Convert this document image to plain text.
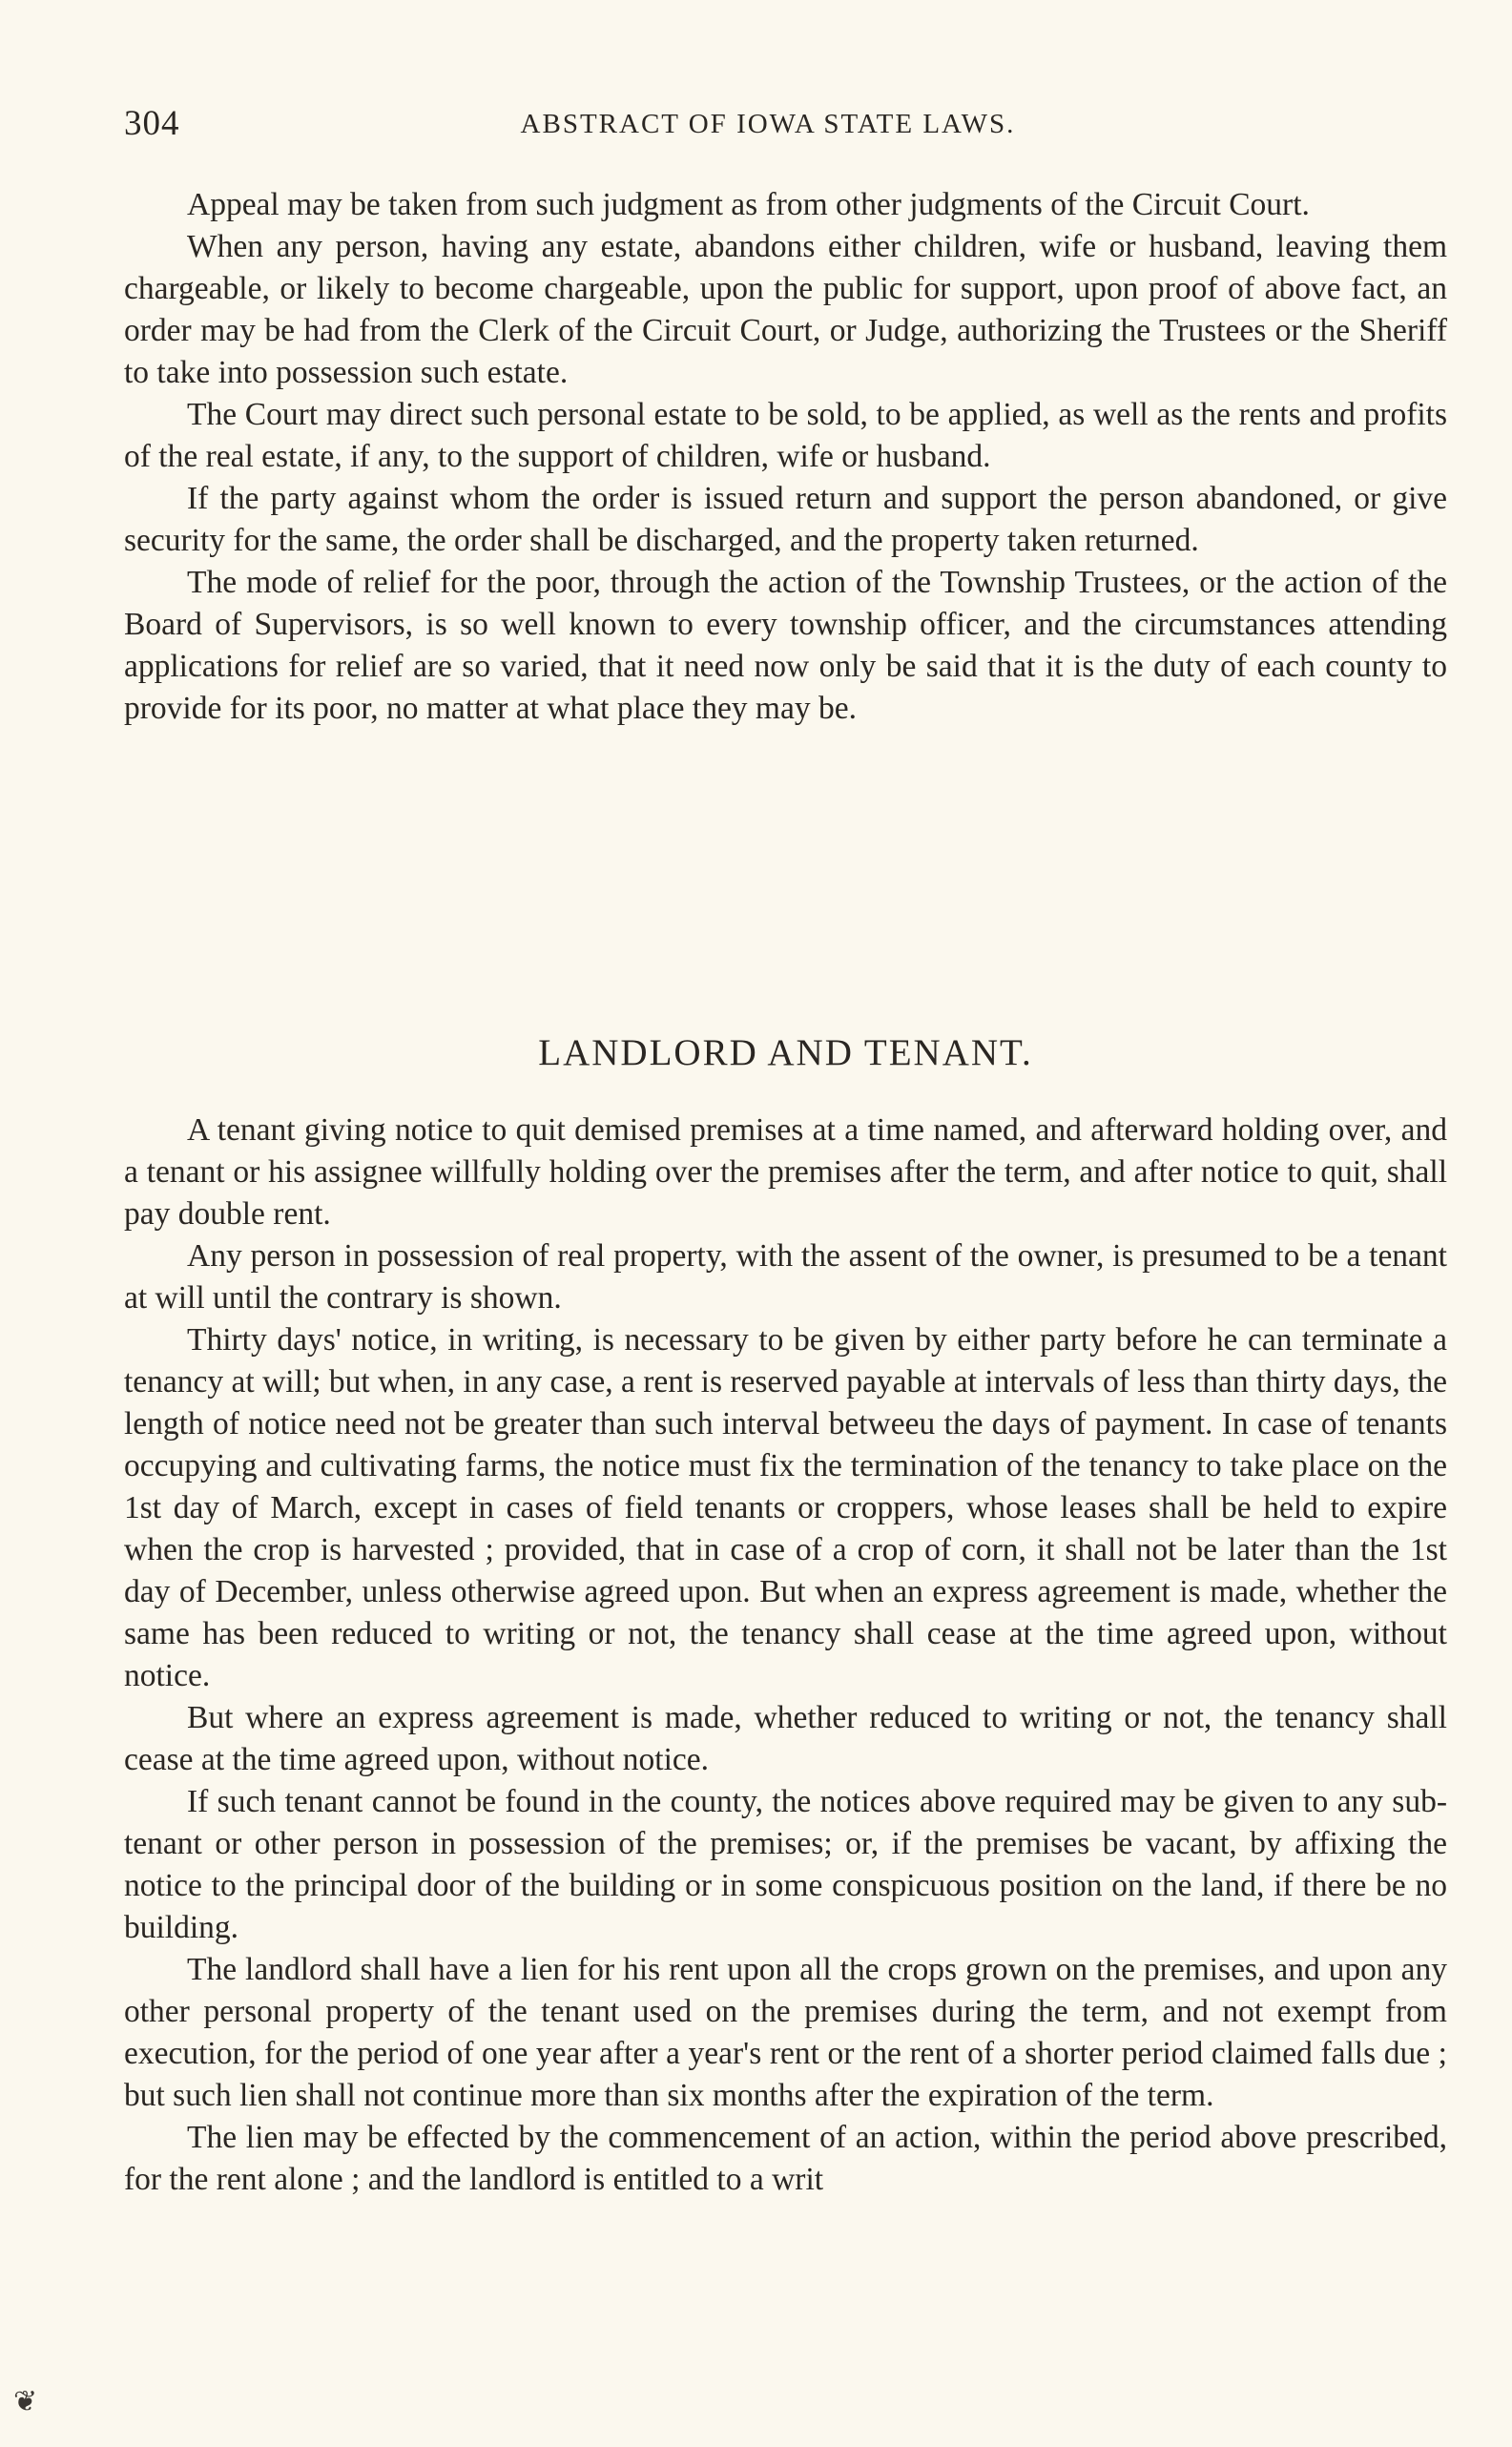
304	ABSTRACT OF IOWA STATE LAWS.

Appeal may be taken from such judgment as from other judgments of the Circuit Court.

When any person, having any estate, abandons either children, wife or husband, leaving them chargeable, or likely to become chargeable, upon the public for support, upon proof of above fact, an order may be had from the Clerk of the Circuit Court, or Judge, authorizing the Trustees or the Sheriff to take into possession such estate.

The Court may direct such personal estate to be sold, to be applied, as well as the rents and profits of the real estate, if any, to the support of children, wife or husband.

If the party against whom the order is issued return and support the person abandoned, or give security for the same, the order shall be discharged, and the property taken returned.

The mode of relief for the poor, through the action of the Township Trustees, or the action of the Board of Supervisors, is so well known to every township officer, and the circumstances attending applications for relief are so varied, that it need now only be said that it is the duty of each county to provide for its poor, no matter at what place they may be.

LANDLORD AND TENANT.

A tenant giving notice to quit demised premises at a time named, and afterward holding over, and a tenant or his assignee willfully holding over the premises after the term, and after notice to quit, shall pay double rent.

Any person in possession of real property, with the assent of the owner, is presumed to be a tenant at will until the contrary is shown.

Thirty days' notice, in writing, is necessary to be given by either party before he can terminate a tenancy at will; but when, in any case, a rent is reserved payable at intervals of less than thirty days, the length of notice need not be greater than such interval betweeu the days of payment. In case of tenants occupying and cultivating farms, the notice must fix the termination of the tenancy to take place on the 1st day of March, except in cases of field tenants or croppers, whose leases shall be held to expire when the crop is harvested ; provided, that in case of a crop of corn, it shall not be later than the 1st day of December, unless otherwise agreed upon. But when an express agreement is made, whether the same has been reduced to writing or not, the tenancy shall cease at the time agreed upon, without notice.

But where an express agreement is made, whether reduced to writing or not, the tenancy shall cease at the time agreed upon, without notice.

If such tenant cannot be found in the county, the notices above required may be given to any sub-tenant or other person in possession of the premises; or, if the premises be vacant, by affixing the notice to the principal door of the building or in some conspicuous position on the land, if there be no building.

The landlord shall have a lien for his rent upon all the crops grown on the premises, and upon any other personal property of the tenant used on the premises during the term, and not exempt from execution, for the period of one year after a year's rent or the rent of a shorter period claimed falls due ; but such lien shall not continue more than six months after the expiration of the term.

The lien may be effected by the commencement of an action, within the period above prescribed, for the rent alone ; and the landlord is entitled to a writ

❦
